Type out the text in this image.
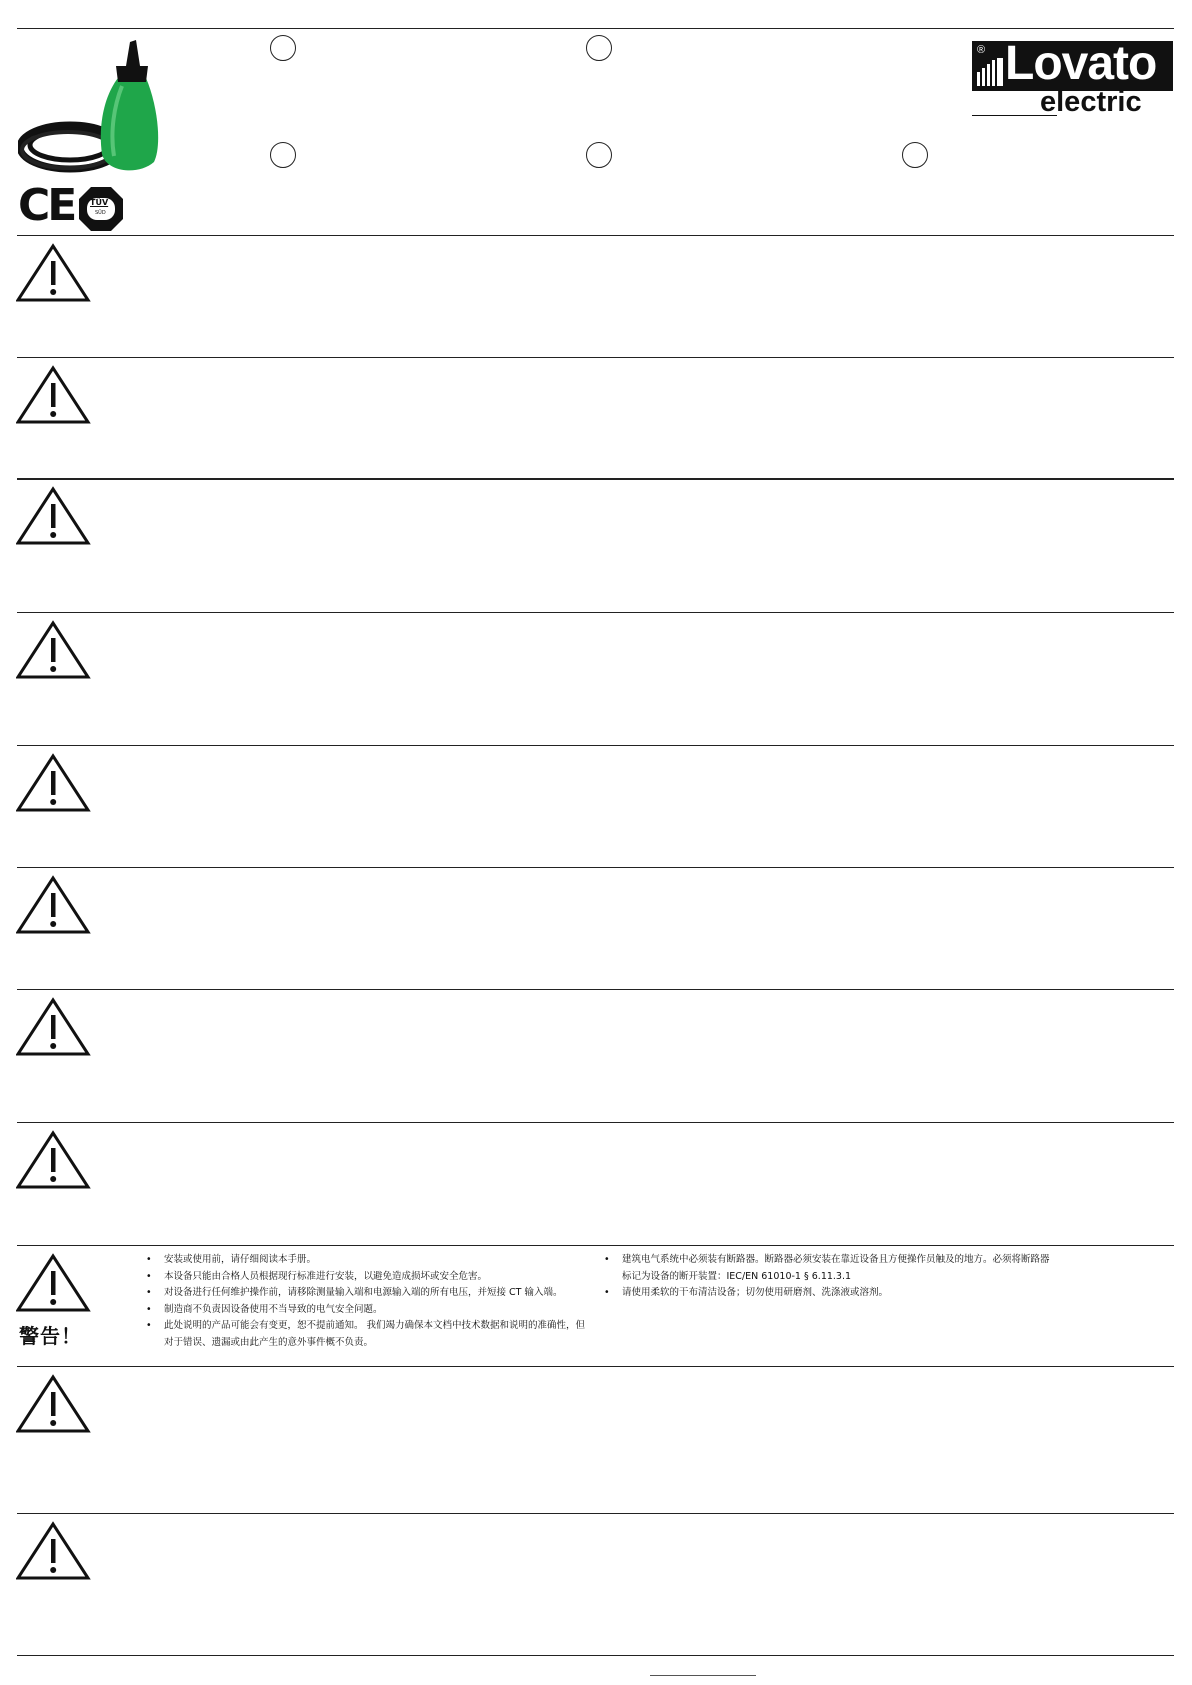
CE TÜV
SÜD
® Lovato
electric
警告！
• 安装或使用前，请仔细阅读本手册。
• 本设备只能由合格人员根据现行标准进行安装，以避免造成损坏或安全危害。
• 对设备进行任何维护操作前，请移除测量输入端和电源输入端的所有电压，并短接 CT 输入端。
• 制造商不负责因设备使用不当导致的电气安全问题。
• 此处说明的产品可能会有变更，恕不提前通知。 我们竭力确保本文档中技术数据和说明的准确性，但
对于错误、遗漏或由此产生的意外事件概不负责。
• 建筑电气系统中必须装有断路器。断路器必须安装在靠近设备且方便操作员触及的地方。必须将断路器
标记为设备的断开装置：IEC/EN 61010-1 § 6.11.3.1
• 请使用柔软的干布清洁设备；切勿使用研磨剂、洗涤液或溶剂。
